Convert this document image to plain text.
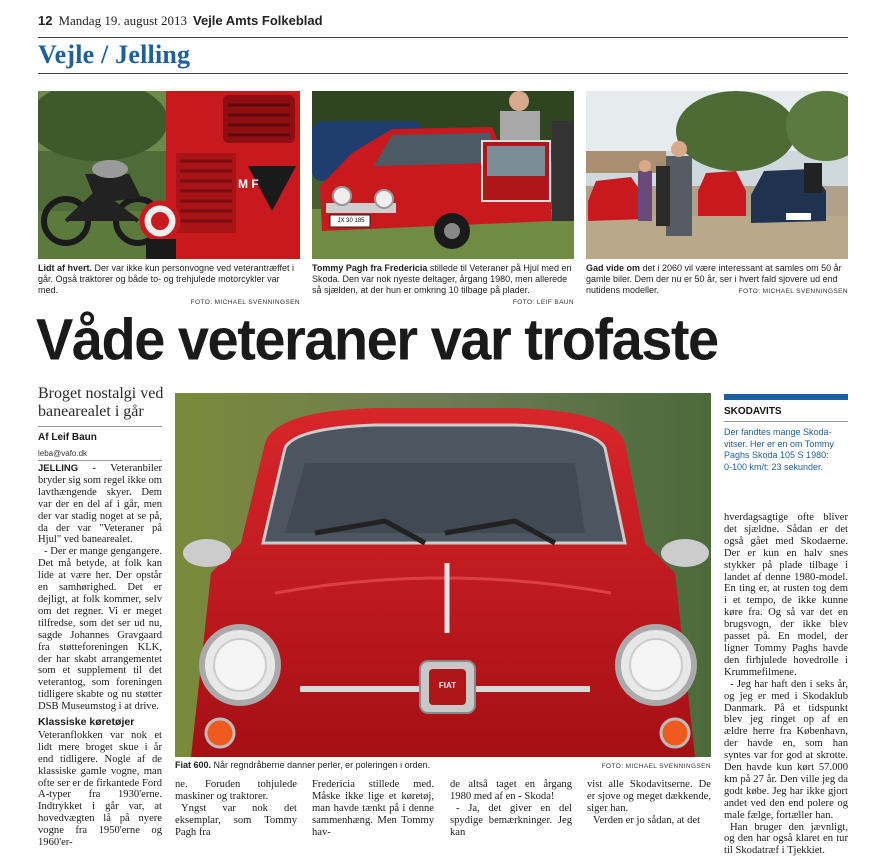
12 Mandag 19. august 2013 Vejle Amts Folkeblad
Vejle / Jelling
M F
Lidt af hvert. Der var ikke kun personvogne ved veterantræffet i går. Også traktorer og både to- og trehjulede motorcykler var med.
FOTO: MICHAEL SVENNINGSEN
JX 30 185
Tommy Pagh fra Fredericia stillede til Veteraner på Hjul med en Skoda. Den var nok nyeste deltager, årgang 1980, men allerede så sjælden, at der hun er omkring 10 tilbage på plader.
FOTO: LEIF BAUN
Gad vide om det i 2060 vil være interessant at samles om 50 år gamle biler. Dem der nu er 50 år, ser i hvert fald sjovere ud end nutidens modeller.	FOTO: MICHAEL SVENNINGSEN
Våde veteraner var trofaste
Broget nostalgi ved banearealet i går
Af Leif Baun
leba@vafo.dk

JELLING - Veteranbiler bryder sig som regel ikke om lavthængende skyer. Dem var der en del af i går, men der var stadig noget at se på, da der var "Veteraner på Hjul" ved banearealet.

- Der er mange gengangere. Det må betyde, at folk kan lide at være her. Der opstår en samhørighed. Det er dejligt, at folk kommer, selv om det regner. Vi er meget tilfredse, som det ser ud nu, sagde Johannes Gravgaard fra støtteforeningen KLK, der har skabt arrangementet som et supplement til det veterantog, som foreningen tidligere skabte og nu støtter DSB Museumstog i at drive.

Klassiske køretøjer

Veteranflokken var nok et lidt mere broget skue i år end tidligere. Nogle af de klassiske gamle vogne, man ofte ser er de firkantede Ford A-typer fra 1930'erne. Indtrykket i går var, at hovedvægten lå på nyere vogne fra 1950'erne og 1960'er-

FIAT
Fiat 600. Når regndråberne danner perler, er poleringen i orden.	FOTO: MICHAEL SVENNINGSEN

ne. Foruden tohjulede maskiner og traktorer.

Yngst var nok det eksemplar, som Tommy Pagh fra

Fredericia stillede med. Måske ikke lige et køretøj, man havde tænkt på i denne sammenhæng. Men Tommy hav-

de altså taget en årgang 1980 med af en - Skoda!

- Ja, det giver en del spydige bemærkninger. Jeg kan

vist alle Skodavitserne. De er sjove og meget dækkende, siger han.

Verden er jo sådan, at det

SKODAVITS
Der fandtes mange Skoda-vitser. Her er en om Tommy Paghs Skoda 105 S 1980:
0-100 km/t: 23 sekunder.

hverdagsagtige ofte bliver det sjældne. Sådan er det også gået med Skodaerne. Der er kun en halv snes stykker på plade tilbage i landet af denne 1980-model. En ting er, at rusten tog dem i et tempo, de ikke kunne køre fra. Og så var det en brugsvogn, der ikke blev passet på. En model, der ligner Tommy Paghs havde den firhjulede hovedrolle i Krummefilmene.

- Jeg har haft den i seks år, og jeg er med i Skodaklub Danmark. På et tidspunkt blev jeg ringet op af en ældre herre fra København, der havde en, som han syntes var for god at skrotte. Den havde kun kørt 57.000 km på 27 år. Den ville jeg da godt købe. Jeg har ikke gjort andet ved den end polere og male fælge, fortæller han.

Han bruger den jævnligt, og den har også klaret en tur til Skodatræf i Tjekkiet.
